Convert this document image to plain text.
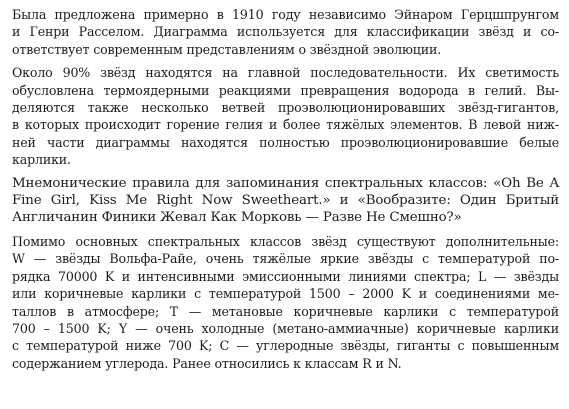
Была предложена примерно в 1910 году независимо Эйнаром Герцшпрунгом
и Генри Расселом. Диаграмма используется для классификации звёзд и со-
ответствует современным представлениям о звёздной эволюции.
Около 90% звёзд находятся на главной последовательности. Их светимость
обусловлена термоядерными реакциями превращения водорода в гелий. Вы-
деляются также несколько ветвей проэволюционировавших звёзд-гигантов,
в которых происходит горение гелия и более тяжёлых элементов. В левой ниж-
ней части диаграммы находятся полностью проэволюционировавшие белые
карлики.
Мнемонические правила для запоминания спектральных классов: «Oh Be A
Fine Girl, Kiss Me Right Now Sweetheart.» и «Вообразите: Один Бритый
Англичанин Финики Жевал Как Морковь — Разве Не Смешно?»
Помимо основных спектральных классов звёзд существуют дополнительные:
W — звёзды Вольфа-Райе, очень тяжёлые яркие звёзды с температурой по-
рядка 70000 K и интенсивными эмиссионными линиями спектра; L — звёзды
или коричневые карлики с температурой 1500 – 2000 K и соединениями ме-
таллов в атмосфере; T — метановые коричневые карлики с температурой
700 – 1500 K; Y — очень холодные (метано-аммиачные) коричневые карлики
с температурой ниже 700 K; C — углеродные звёзды, гиганты с повышенным
содержанием углерода. Ранее относились к классам R и N.
